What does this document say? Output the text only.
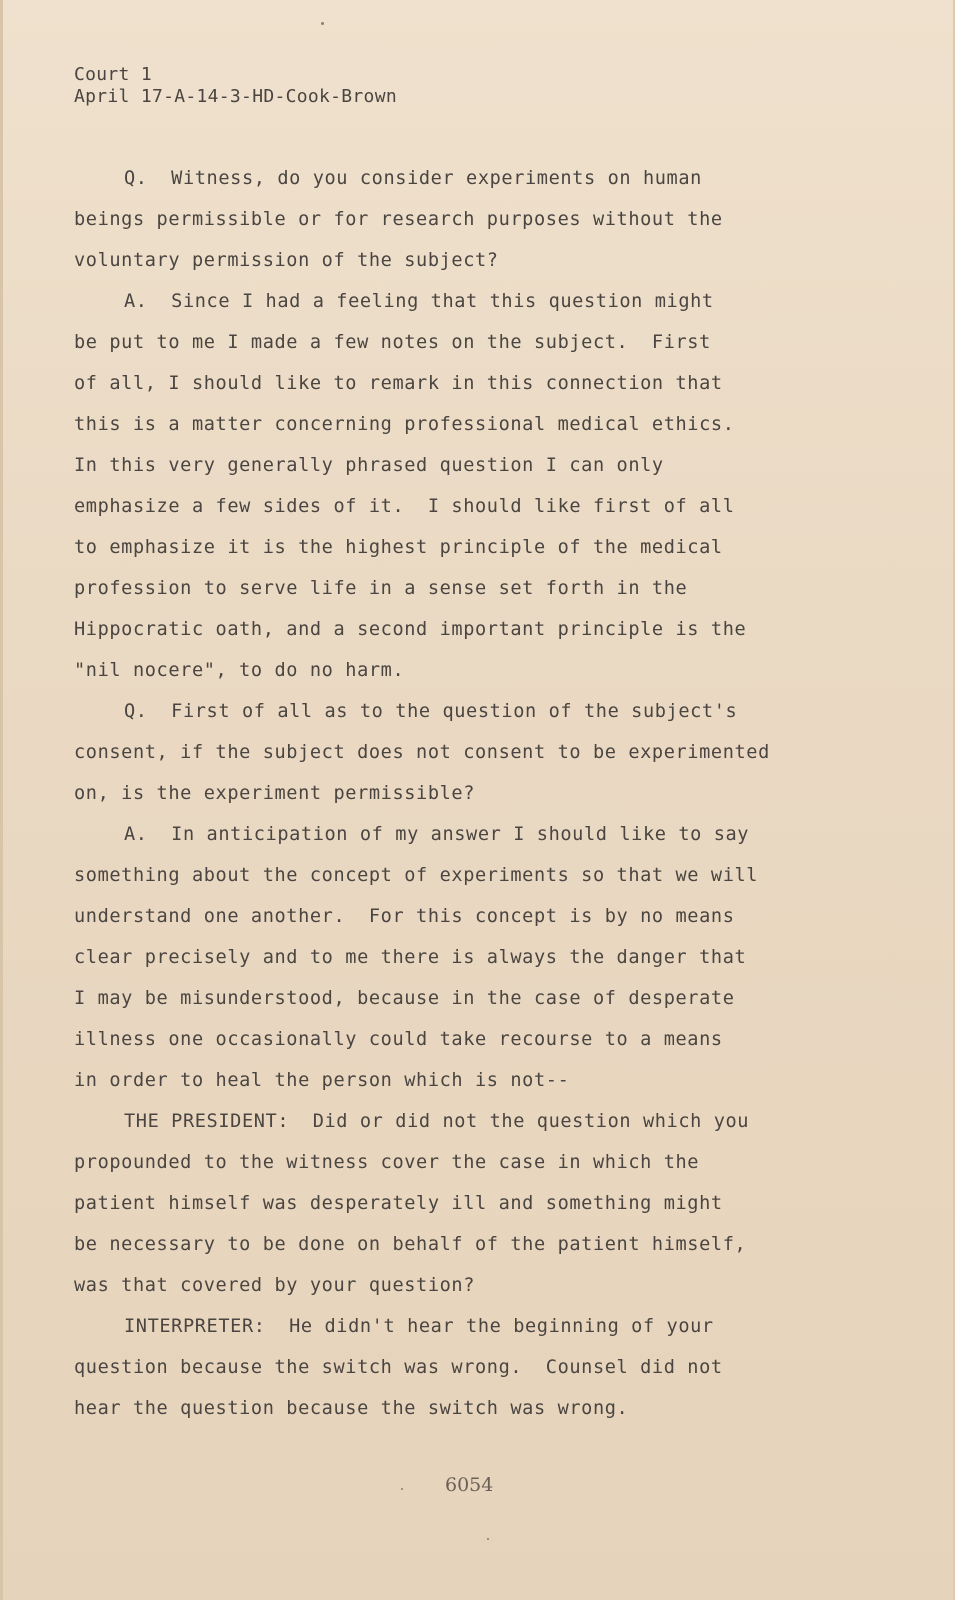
Court 1
April 17-A-14-3-HD-Cook-Brown
Q.  Witness, do you consider experiments on human
beings permissible or for research purposes without the
voluntary permission of the subject?
A.  Since I had a feeling that this question might
be put to me I made a few notes on the subject.  First
of all, I should like to remark in this connection that
this is a matter concerning professional medical ethics.
In this very generally phrased question I can only
emphasize a few sides of it.  I should like first of all
to emphasize it is the highest principle of the medical
profession to serve life in a sense set forth in the
Hippocratic oath, and a second important principle is the
"nil nocere", to do no harm.
Q.  First of all as to the question of the subject's
consent, if the subject does not consent to be experimented
on, is the experiment permissible?
A.  In anticipation of my answer I should like to say
something about the concept of experiments so that we will
understand one another.  For this concept is by no means
clear precisely and to me there is always the danger that
I may be misunderstood, because in the case of desperate
illness one occasionally could take recourse to a means
in order to heal the person which is not--
THE PRESIDENT:  Did or did not the question which you
propounded to the witness cover the case in which the
patient himself was desperately ill and something might
be necessary to be done on behalf of the patient himself,
was that covered by your question?
INTERPRETER:  He didn't hear the beginning of your
question because the switch was wrong.  Counsel did not
hear the question because the switch was wrong.
6054
